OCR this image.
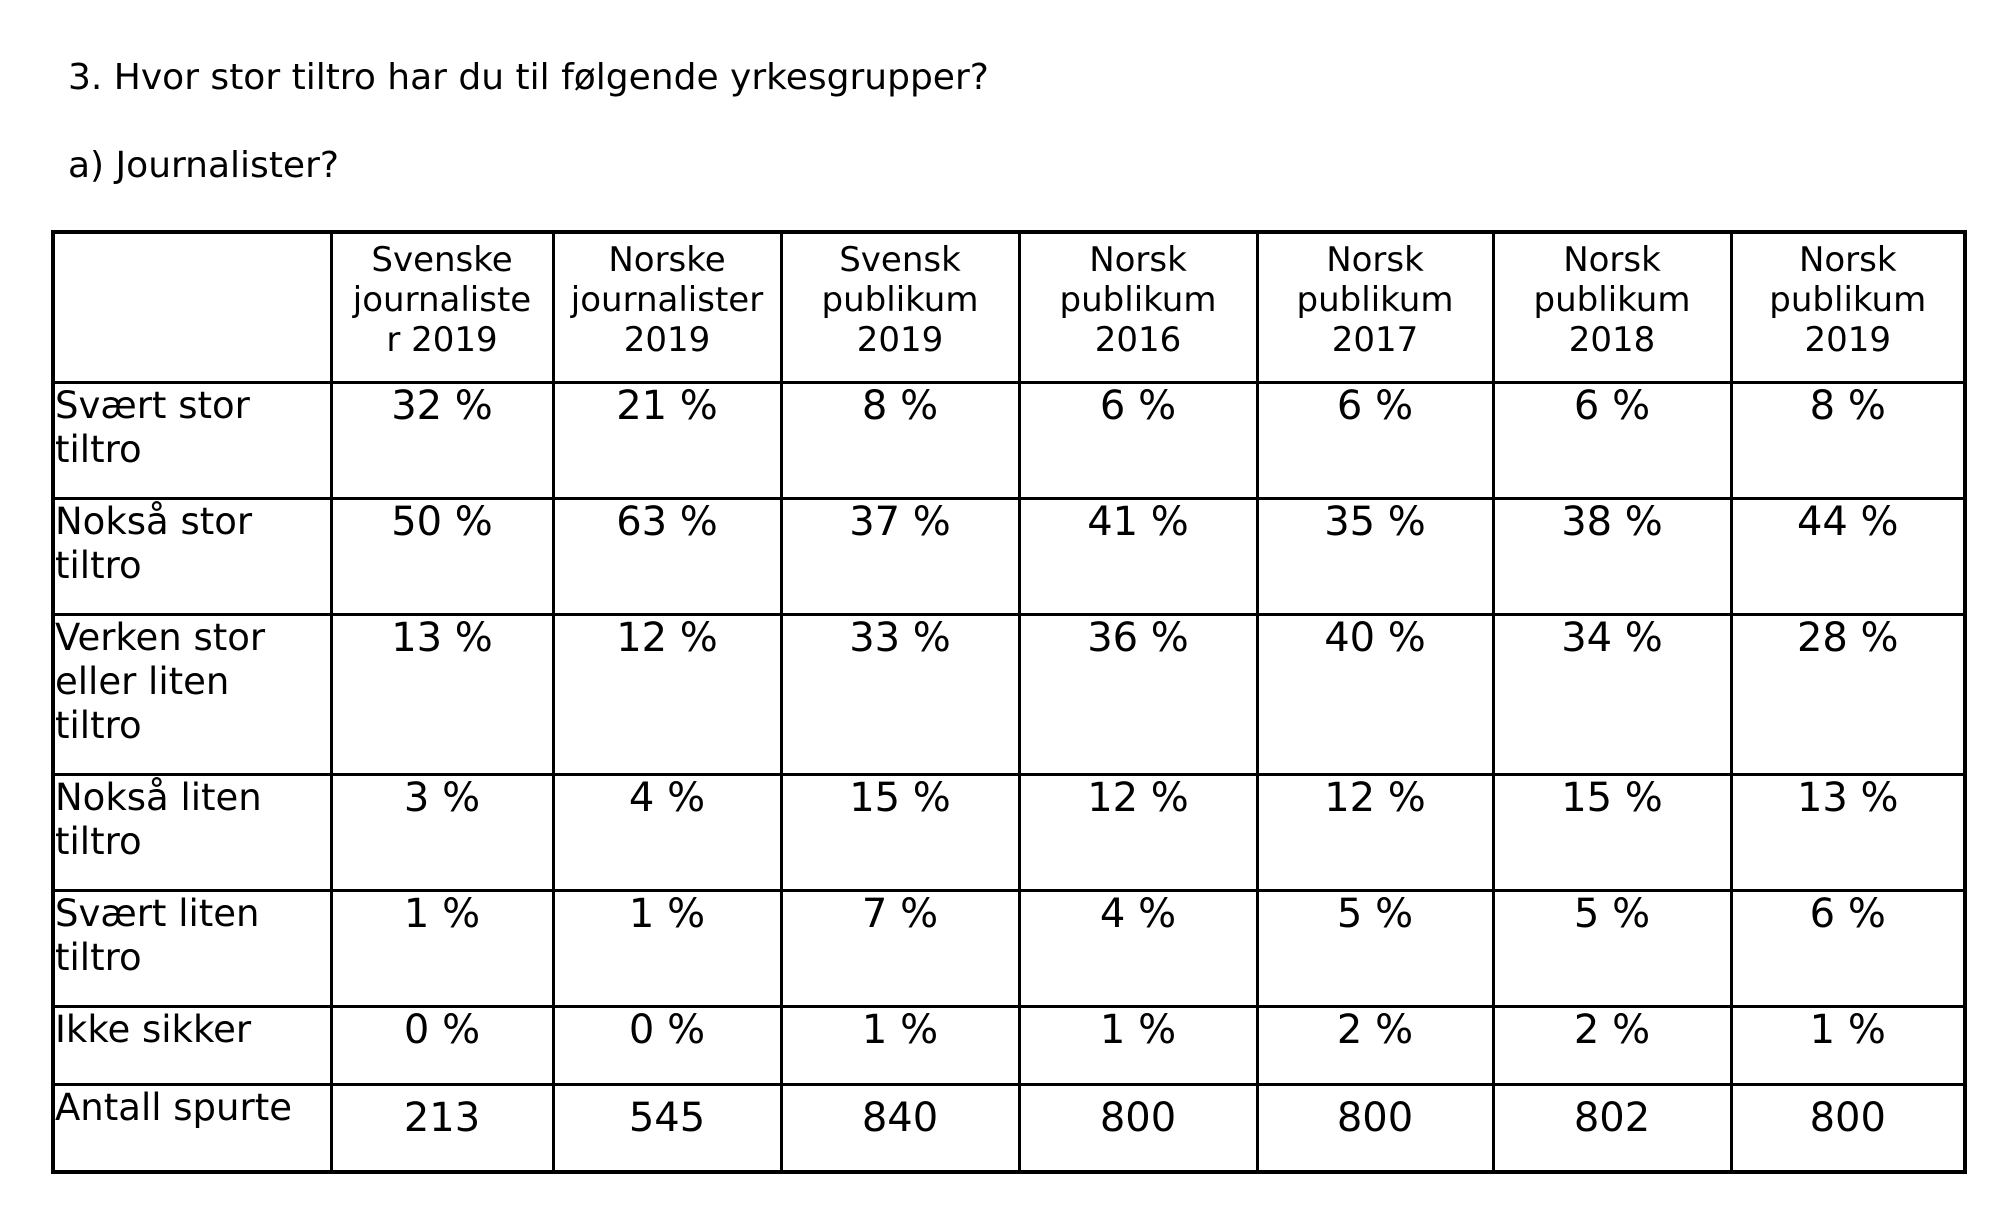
3. Hvor stor tiltro har du til følgende yrkesgrupper?
a) Journalister?

	Svenske
journaliste
r 2019	Norske
journalister
2019	Svensk
publikum
2019	Norsk
publikum
2016	Norsk
publikum
2017	Norsk
publikum
2018	Norsk
publikum
2019

Svært stor
tiltro	32 %	21 %	8 %	6 %	6 %	6 %	8 %

Nokså stor
tiltro	50 %	63 %	37 %	41 %	35 %	38 %	44 %

Verken stor
eller liten
tiltro	13 %	12 %	33 %	36 %	40 %	34 %	28 %

Nokså liten
tiltro	3 %	4 %	15 %	12 %	12 %	15 %	13 %

Svært liten
tiltro	1 %	1 %	7 %	4 %	5 %	5 %	6 %

Ikke sikker	0 %	0 %	1 %	1 %	2 %	2 %	1 %

Antall spurte	213	545	840	800	800	802	800
